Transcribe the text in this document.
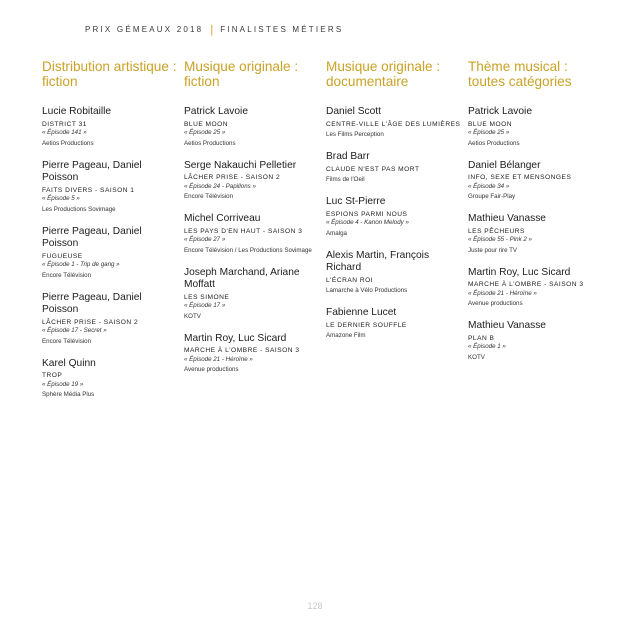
PRIX GÉMEAUX 2018 | FINALISTES MÉTIERS
Distribution artistique : fiction
Lucie Robitaille
DISTRICT 31
« Épisode 141 »
Aetios Productions
Pierre Pageau, Daniel Poisson
FAITS DIVERS - SAISON 1
« Épisode 5 »
Les Productions Sovimage
Pierre Pageau, Daniel Poisson
FUGUEUSE
« Épisode 1 - Trip de gang »
Encore Télévision
Pierre Pageau, Daniel Poisson
LÂCHER PRISE - SAISON 2
« Épisode 17 - Secret »
Encore Télévision
Karel Quinn
TROP
« Épisode 19 »
Sphère Média Plus
Musique originale : fiction
Patrick Lavoie
BLUE MOON
« Épisode 25 »
Aetios Productions
Serge Nakauchi Pelletier
LÂCHER PRISE - SAISON 2
« Épisode 24 - Papillons »
Encore Télévision
Michel Corriveau
LES PAYS D'EN HAUT - SAISON 3
« Épisode 27 »
Encore Télévision / Les Productions Sovimage
Joseph Marchand, Ariane Moffatt
LES SIMONE
« Épisode 17 »
KOTV
Martin Roy, Luc Sicard
MARCHE À L'OMBRE - SAISON 3
« Épisode 21 - Héroïne »
Avenue productions
Musique originale : documentaire
Daniel Scott
CENTRE-VILLE L'ÂGE DES LUMIÈRES
Les Films Perception
Brad Barr
CLAUDE N'EST PAS MORT
Films de l'Oeil
Luc St-Pierre
ESPIONS PARMI NOUS
« Épisode 4 - Kanon Melody »
Amalga
Alexis Martin, François Richard
L'ÉCRAN ROI
Lamarche à Vélo Productions
Fabienne Lucet
LE DERNIER SOUFFLE
Amazone Film
Thème musical : toutes catégories
Patrick Lavoie
BLUE MOON
« Épisode 25 »
Aetios Productions
Daniel Bélanger
INFO, SEXE ET MENSONGES
« Épisode 34 »
Groupe Fair-Play
Mathieu Vanasse
LES PÊCHEURS
« Épisode 55 - Pink 2 »
Juste pour rire TV
Martin Roy, Luc Sicard
MARCHE À L'OMBRE - SAISON 3
« Épisode 21 - Héroïne »
Avenue productions
Mathieu Vanasse
PLAN B
« Épisode 1 »
KOTV
128
